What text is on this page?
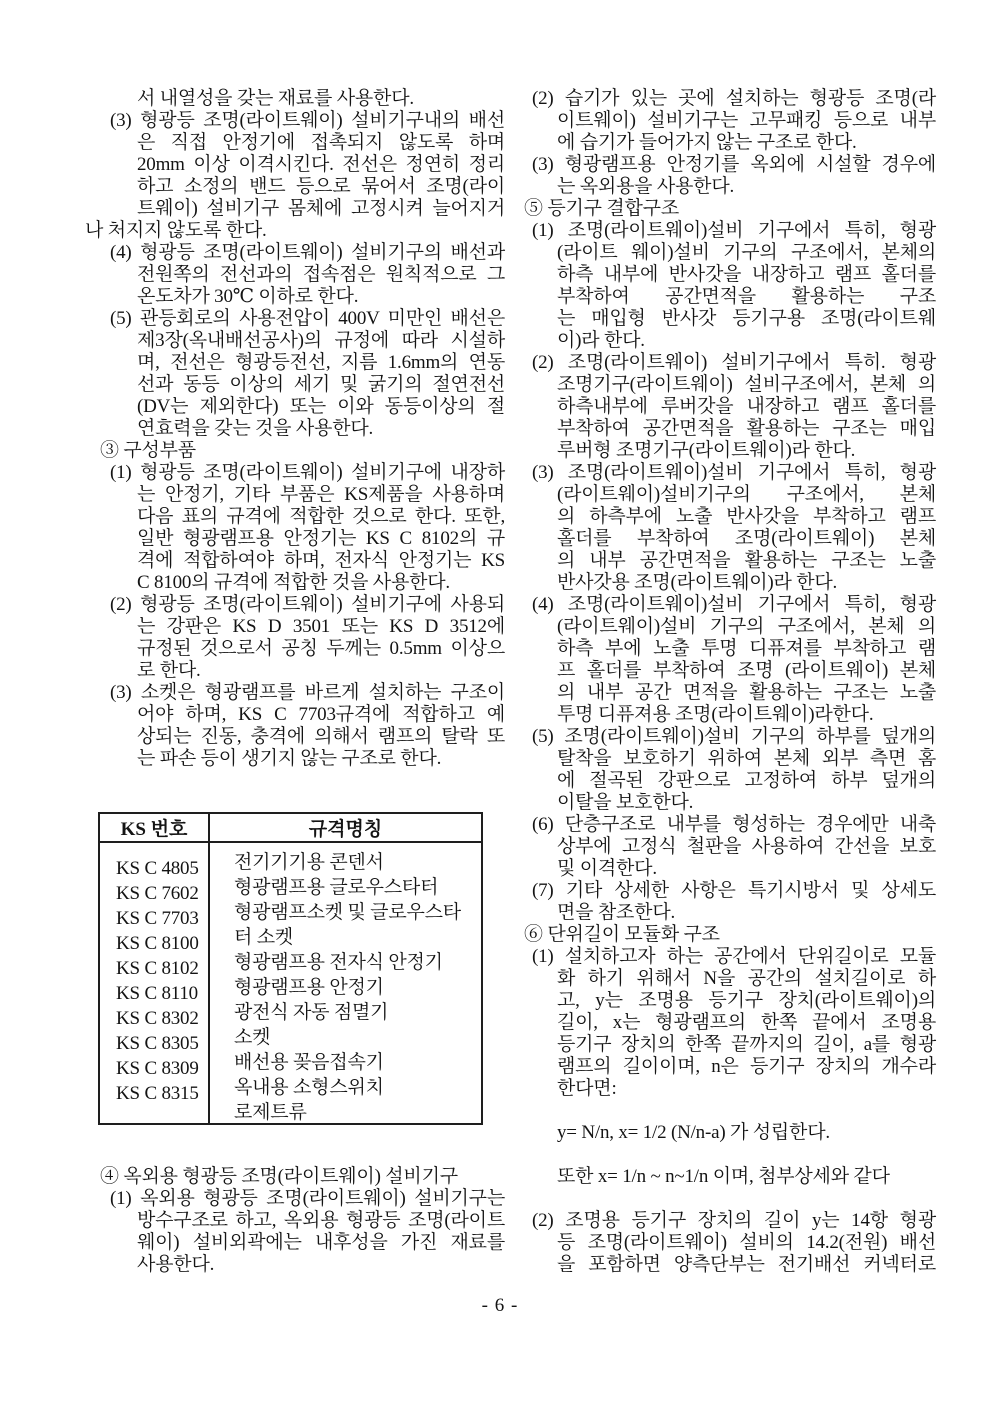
서 내열성을 갖는 재료를 사용한다.
(3) 형광등 조명(라이트웨이) 설비기구내의 배선
은 직접 안정기에 접촉되지 않도록 하며
20mm 이상 이격시킨다. 전선은 정연히 정리
하고 소정의 밴드 등으로 묶어서 조명(라이
트웨이) 설비기구 몸체에 고정시켜 늘어지거
나 처지지 않도록 한다.
(4) 형광등 조명(라이트웨이) 설비기구의 배선과
전원쪽의 전선과의 접속점은 원칙적으로 그
온도차가 30℃ 이하로 한다.
(5) 관등회로의 사용전압이 400V 미만인 배선은
제3장(옥내배선공사)의 규정에 따라 시설하
며, 전선은 형광등전선, 지름 1.6mm의 연동
선과 동등 이상의 세기 및 굵기의 절연전선
(DV는 제외한다) 또는 이와 동등이상의 절
연효력을 갖는 것을 사용한다.
③ 구성부품
(1) 형광등 조명(라이트웨이) 설비기구에 내장하
는 안정기, 기타 부품은 KS제품을 사용하며
다음 표의 규격에 적합한 것으로 한다. 또한,
일반 형광램프용 안정기는 KS C 8102의 규
격에 적합하여야 하며, 전자식 안정기는 KS
C 8100의 규격에 적합한 것을 사용한다.
(2) 형광등 조명(라이트웨이) 설비기구에 사용되
는 강판은 KS D 3501 또는 KS D 3512에
규정된 것으로서 공칭 두께는 0.5mm 이상으
로 한다.
(3) 소켓은 형광램프를 바르게 설치하는 구조이
어야 하며, KS C 7703규격에 적합하고 예
상되는 진동, 충격에 의해서 램프의 탈락 또
는 파손 등이 생기지 않는 구조로 한다.
KS 번호	규격명칭
KS C 4805
KS C 7602
KS C 7703
KS C 8100
KS C 8102
KS C 8110
KS C 8302
KS C 8305
KS C 8309
KS C 8315
전기기기용 콘덴서
형광램프용 글로우스타터
형광램프소켓 및 글로우스타터 소켓
형광램프용 전자식 안정기
형광램프용 안정기
광전식 자동 점멸기
소켓
배선용 꽂음접속기
옥내용 소형스위치
로제트류
④ 옥외용 형광등 조명(라이트웨이) 설비기구
(1) 옥외용 형광등 조명(라이트웨이) 설비기구는
방수구조로 하고, 옥외용 형광등 조명(라이트
웨이) 설비외곽에는 내후성을 가진 재료를
사용한다.
(2) 습기가 있는 곳에 설치하는 형광등 조명(라
이트웨이) 설비기구는 고무패킹 등으로 내부
에 습기가 들어가지 않는 구조로 한다.
(3) 형광램프용 안정기를 옥외에 시설할 경우에
는 옥외용을 사용한다.
⑤ 등기구 결합구조
(1) 조명(라이트웨이)설비 기구에서 특히, 형광
(라이트 웨이)설비 기구의 구조에서, 본체의
하측 내부에 반사갓을 내장하고 램프 홀더를
부착하여 공간면적을 활용하는 구조
는 매입형 반사갓 등기구용 조명(라이트웨
이)라 한다.
(2) 조명(라이트웨이) 설비기구에서 특히. 형광
조명기구(라이트웨이) 설비구조에서, 본체 의
하측내부에 루버갓을 내장하고 램프 홀더를
부착하여 공간면적을 활용하는 구조는 매입
루버형 조명기구(라이트웨이)라 한다.
(3) 조명(라이트웨이)설비 기구에서 특히, 형광
(라이트웨이)설비기구의 구조에서, 본체
의 하측부에 노출 반사갓을 부착하고 램프
홀더를 부착하여 조명(라이트웨이) 본체
의 내부 공간면적을 활용하는 구조는 노출
반사갓용 조명(라이트웨이)라 한다.
(4) 조명(라이트웨이)설비 기구에서 특히, 형광
(라이트웨이)설비 기구의 구조에서, 본체 의
하측 부에 노출 투명 디퓨져를 부착하고 램
프 홀더를 부착하여 조명 (라이트웨이) 본체
의 내부 공간 면적을 활용하는 구조는 노출
투명 디퓨져용 조명(라이트웨이)라한다.
(5) 조명(라이트웨이)설비 기구의 하부를 덮개의
탈착을 보호하기 위하여 본체 외부 측면 홈
에 절곡된 강판으로 고정하여 하부 덮개의
이탈을 보호한다.
(6) 단층구조로 내부를 형성하는 경우에만 내축
상부에 고정식 철판을 사용하여 간선을 보호
및 이격한다.
(7) 기타 상세한 사항은 특기시방서 및 상세도
면을 참조한다.
⑥ 단위길이 모듈화 구조
(1) 설치하고자 하는 공간에서 단위길이로 모듈
화 하기 위해서 N을 공간의 설치길이로 하
고, y는 조명용 등기구 장치(라이트웨이)의
길이, x는 형광램프의 한쪽 끝에서 조명용
등기구 장치의 한쪽 끝까지의 길이, a를 형광
램프의 길이이며, n은 등기구 장치의 개수라
한다면:
y= N/n, x= 1/2 (N/n-a) 가 성립한다.
또한 x= 1/n ~ n~1/n 이며, 첨부상세와 같다
(2) 조명용 등기구 장치의 길이 y는 14항 형광
등 조명(라이트웨이) 설비의 14.2(전원) 배선
을 포함하면 양측단부는 전기배선 커넥터로
- 6 -
